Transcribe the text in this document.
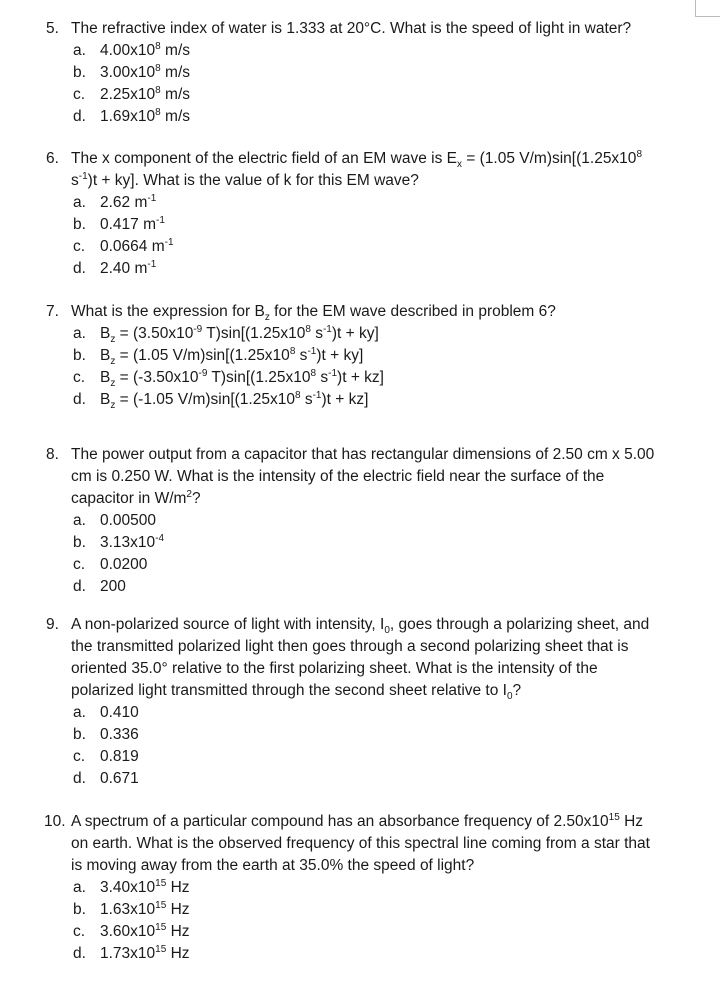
5. The refractive index of water is 1.333 at 20°C. What is the speed of light in water?
a. $4.00x10^8$ m/s
b. $3.00x10^8$ m/s
c. $2.25x10^8$ m/s
d. $1.69x10^8$ m/s
6. The x component of the electric field of an EM wave is $E_x = (1.05$ $V/m)\sin[(1.25x10^8$
$s^{-1})t + ky$]. What is the value of k for this EM wave?
a. 2.62 $m^{-1}$
b. 0.417 $m^{-1}$
c. 0.0664 $m^{-1}$
d. 2.40 $m^{-1}$
7. What is the expression for $B_z$ for the EM wave described in problem 6?
a. $B_z = (3.50x10^{-9}$ $T)\sin[(1.25x10^8$ $s^{-1})t + ky$]
b. $B_z = (1.05$ $V/m)\sin[(1.25x10^8$ $s^{-1})t + ky$]
c. $B_z = (-3.50x10^{-9}$ $T)\sin[(1.25x10^8$ $s^{-1})t + kz$]
d. $B_z = (-1.05$ $V/m)\sin[(1.25x10^8$ $s^{-1})t + kz$]
8. The power output from a capacitor that has rectangular dimensions of 2.50 cm x 5.00
cm is 0.250 W. What is the intensity of the electric field near the surface of the
capacitor in $W/m^2$?
a. 0.00500
b. $3.13x10^{-4}$
c. 0.0200
d. 200
9. A non-polarized source of light with intensity, $I_0$, goes through a polarizing sheet, and
the transmitted polarized light then goes through a second polarizing sheet that is
oriented 35.0° relative to the first polarizing sheet. What is the intensity of the
polarized light transmitted through the second sheet relative to $I_0$?
a. 0.410
b. 0.336
c. 0.819
d. 0.671
10. A spectrum of a particular compound has an absorbance frequency of $2.50x10^{15}$ Hz
on earth. What is the observed frequency of this spectral line coming from a star that
is moving away from the earth at 35.0% the speed of light?
a. $3.40x10^{15}$ Hz
b. $1.63x10^{15}$ Hz
c. $3.60x10^{15}$ Hz
d. $1.73x10^{15}$ Hz
